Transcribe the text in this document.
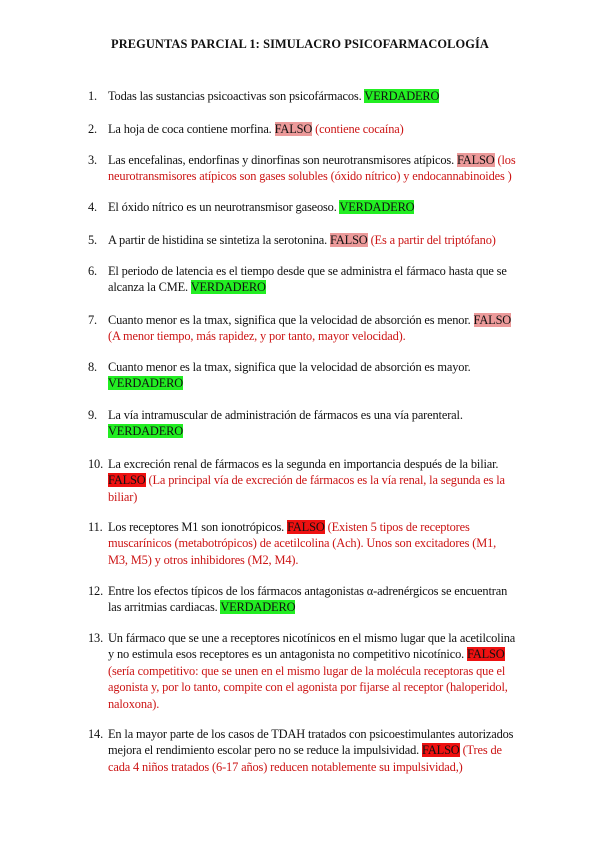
PREGUNTAS PARCIAL 1: SIMULACRO PSICOFARMACOLOGÍA
1. Todas las sustancias psicoactivas son psicofármacos. VERDADERO
2. La hoja de coca contiene morfina. FALSO (contiene cocaína)
3. Las encefalinas, endorfinas y dinorfinas son neurotransmisores atípicos. FALSO (los neurotransmisores atípicos son gases solubles (óxido nítrico) y endocannabinoides )
4. El óxido nítrico es un neurotransmisor gaseoso. VERDADERO
5. A partir de histidina se sintetiza la serotonina. FALSO (Es a partir del triptófano)
6. El periodo de latencia es el tiempo desde que se administra el fármaco hasta que se alcanza la CME. VERDADERO
7. Cuanto menor es la tmax, significa que la velocidad de absorción es menor. FALSO (A menor tiempo, más rapidez, y por tanto, mayor velocidad).
8. Cuanto menor es la tmax, significa que la velocidad de absorción es mayor. VERDADERO
9. La vía intramuscular de administración de fármacos es una vía parenteral. VERDADERO
10. La excreción renal de fármacos es la segunda en importancia después de la biliar. FALSO (La principal vía de excreción de fármacos es la vía renal, la segunda es la biliar)
11. Los receptores M1 son ionotrópicos. FALSO (Existen 5 tipos de receptores muscarínicos (metabotrópicos) de acetilcolina (Ach). Unos son excitadores (M1, M3, M5) y otros inhibidores (M2, M4).
12. Entre los efectos típicos de los fármacos antagonistas α-adrenérgicos se encuentran las arritmias cardiacas. VERDADERO
13. Un fármaco que se une a receptores nicotínicos en el mismo lugar que la acetilcolina y no estimula esos receptores es un antagonista no competitivo nicotínico. FALSO (sería competitivo: que se unen en el mismo lugar de la molécula receptoras que el agonista y, por lo tanto, compite con el agonista por fijarse al receptor (haloperidol, naloxona).
14. En la mayor parte de los casos de TDAH tratados con psicoestimulantes autorizados mejora el rendimiento escolar pero no se reduce la impulsividad. FALSO (Tres de cada 4 niños tratados (6-17 años) reducen notablemente su impulsividad,)
